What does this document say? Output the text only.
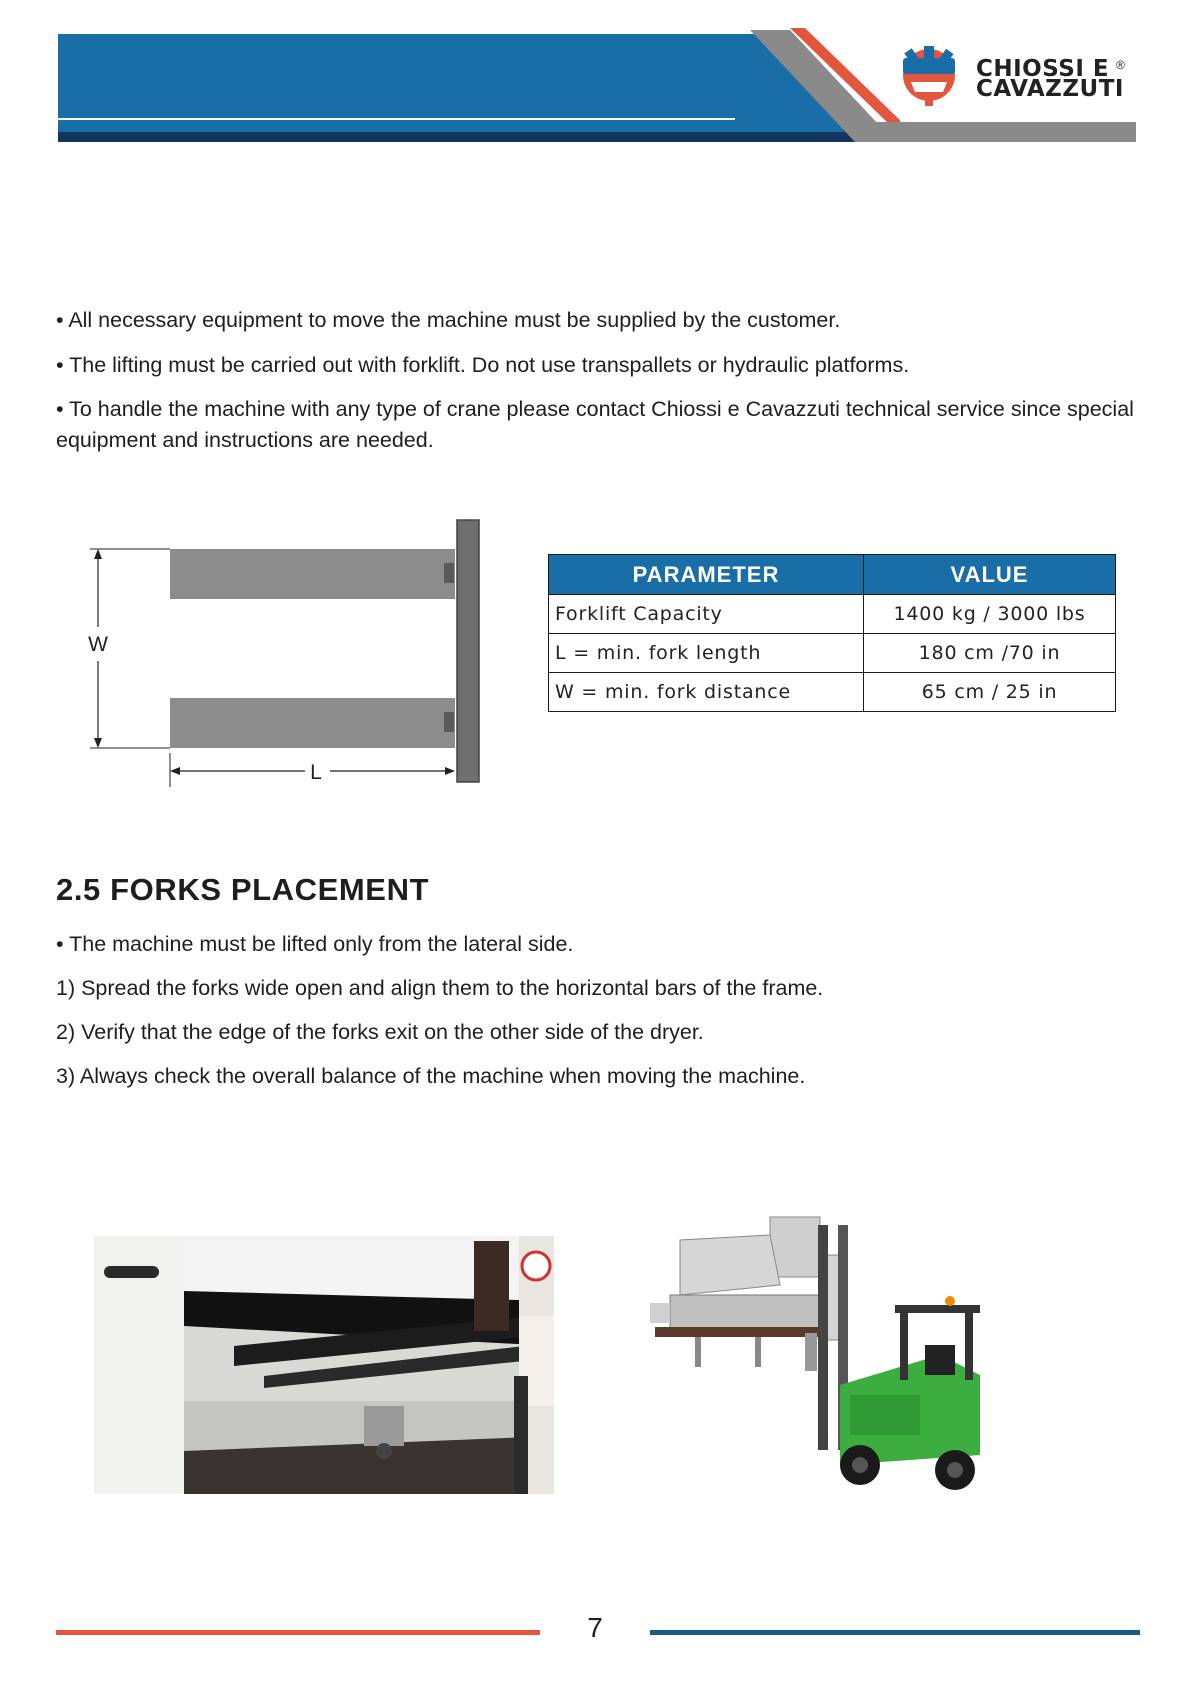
CHIOSSI E ®
CAVAZZUTI
• All necessary equipment to move the machine must be supplied by the customer.
• The lifting must be carried out with forklift. Do not use transpallets or hydraulic platforms.
• To handle the machine with any type of crane please contact Chiossi e Cavazzuti technical service since special equipment and instructions are needed.
W
L
PARAMETER	VALUE
Forklift Capacity	1400 kg / 3000 lbs
L = min. fork length	180 cm /70 in
W = min. fork distance	65 cm / 25 in
2.5 FORKS PLACEMENT
• The machine must be lifted only from the lateral side.
1) Spread the forks wide open and align them to the horizontal bars of the frame.
2) Verify that the edge of the forks exit on the other side of the dryer.
3) Always check the overall balance of the machine when moving the machine.
7
